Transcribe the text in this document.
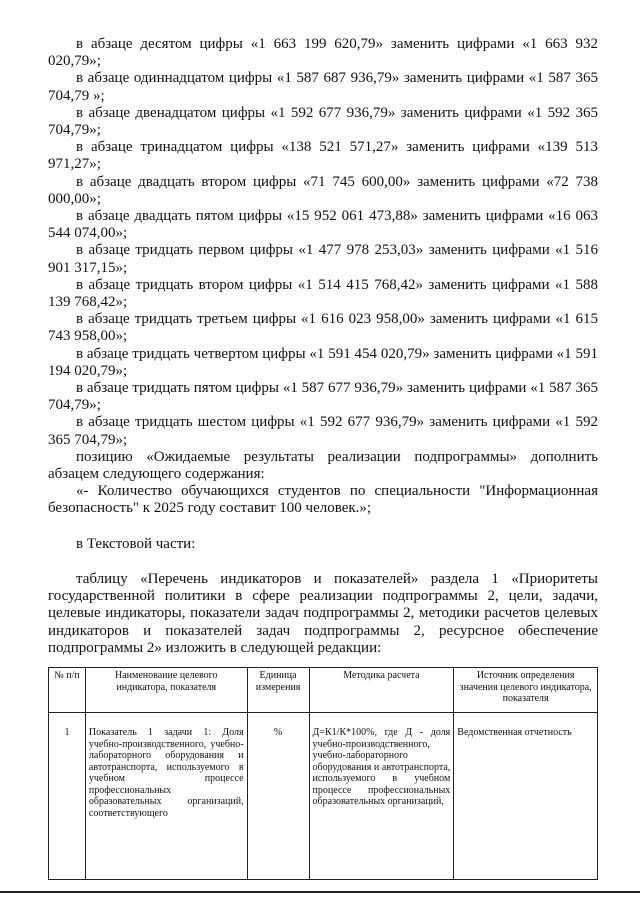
в абзаце десятом цифры «1 663 199 620,79» заменить цифрами «1 663 932 020,79»;

в абзаце одиннадцатом цифры «1 587 687 936,79» заменить цифрами «1 587 365 704,79 »;

в абзаце двенадцатом цифры «1 592 677 936,79» заменить цифрами «1 592 365 704,79»;

в абзаце тринадцатом цифры «138 521 571,27» заменить цифрами «139 513 971,27»;

в абзаце двадцать втором цифры «71 745 600,00» заменить цифрами «72 738 000,00»;

в абзаце двадцать пятом цифры «15 952 061 473,88» заменить цифрами «16 063 544 074,00»;

в абзаце тридцать первом цифры «1 477 978 253,03» заменить цифрами «1 516 901 317,15»;

в абзаце тридцать втором цифры «1 514 415 768,42» заменить цифрами «1 588 139 768,42»;

в абзаце тридцать третьем цифры «1 616 023 958,00» заменить цифрами «1 615 743 958,00»;

в абзаце тридцать четвертом цифры «1 591 454 020,79» заменить цифрами «1 591 194 020,79»;

в абзаце тридцать пятом цифры «1 587 677 936,79» заменить цифрами «1 587 365 704,79»;

в абзаце тридцать шестом цифры «1 592 677 936,79» заменить цифрами «1 592 365 704,79»;

позицию «Ожидаемые результаты реализации подпрограммы» дополнить абзацем следующего содержания:

«- Количество обучающихся студентов по специальности "Информационная безопасность" к 2025 году составит 100 человек.»;

в Текстовой части:

таблицу «Перечень индикаторов и показателей» раздела 1 «Приоритеты государственной политики в сфере реализации подпрограммы 2, цели, задачи, целевые индикаторы, показатели задач подпрограммы 2, методики расчетов целевых индикаторов и показателей задач подпрограммы 2, ресурсное обеспечение подпрограммы 2» изложить в следующей редакции:

№ п/п	Наименование целевого индикатора, показателя	Единица измерения	Методика расчета	Источник определения значения целевого индикатора, показателя
1	Показатель 1 задачи 1: Доля учебно-производственного, учебно-лабораторного оборудования и автотранспорта, используемого в учебном процессе профессиональных образовательных организаций, соответствующего	%	Д=К1/К*100%, где Д - доля учебно-производственного, учебно-лабораторного оборудования и автотранспорта, используемого в учебном процессе профессиональных образовательных организаций,	Ведомственная отчетность
